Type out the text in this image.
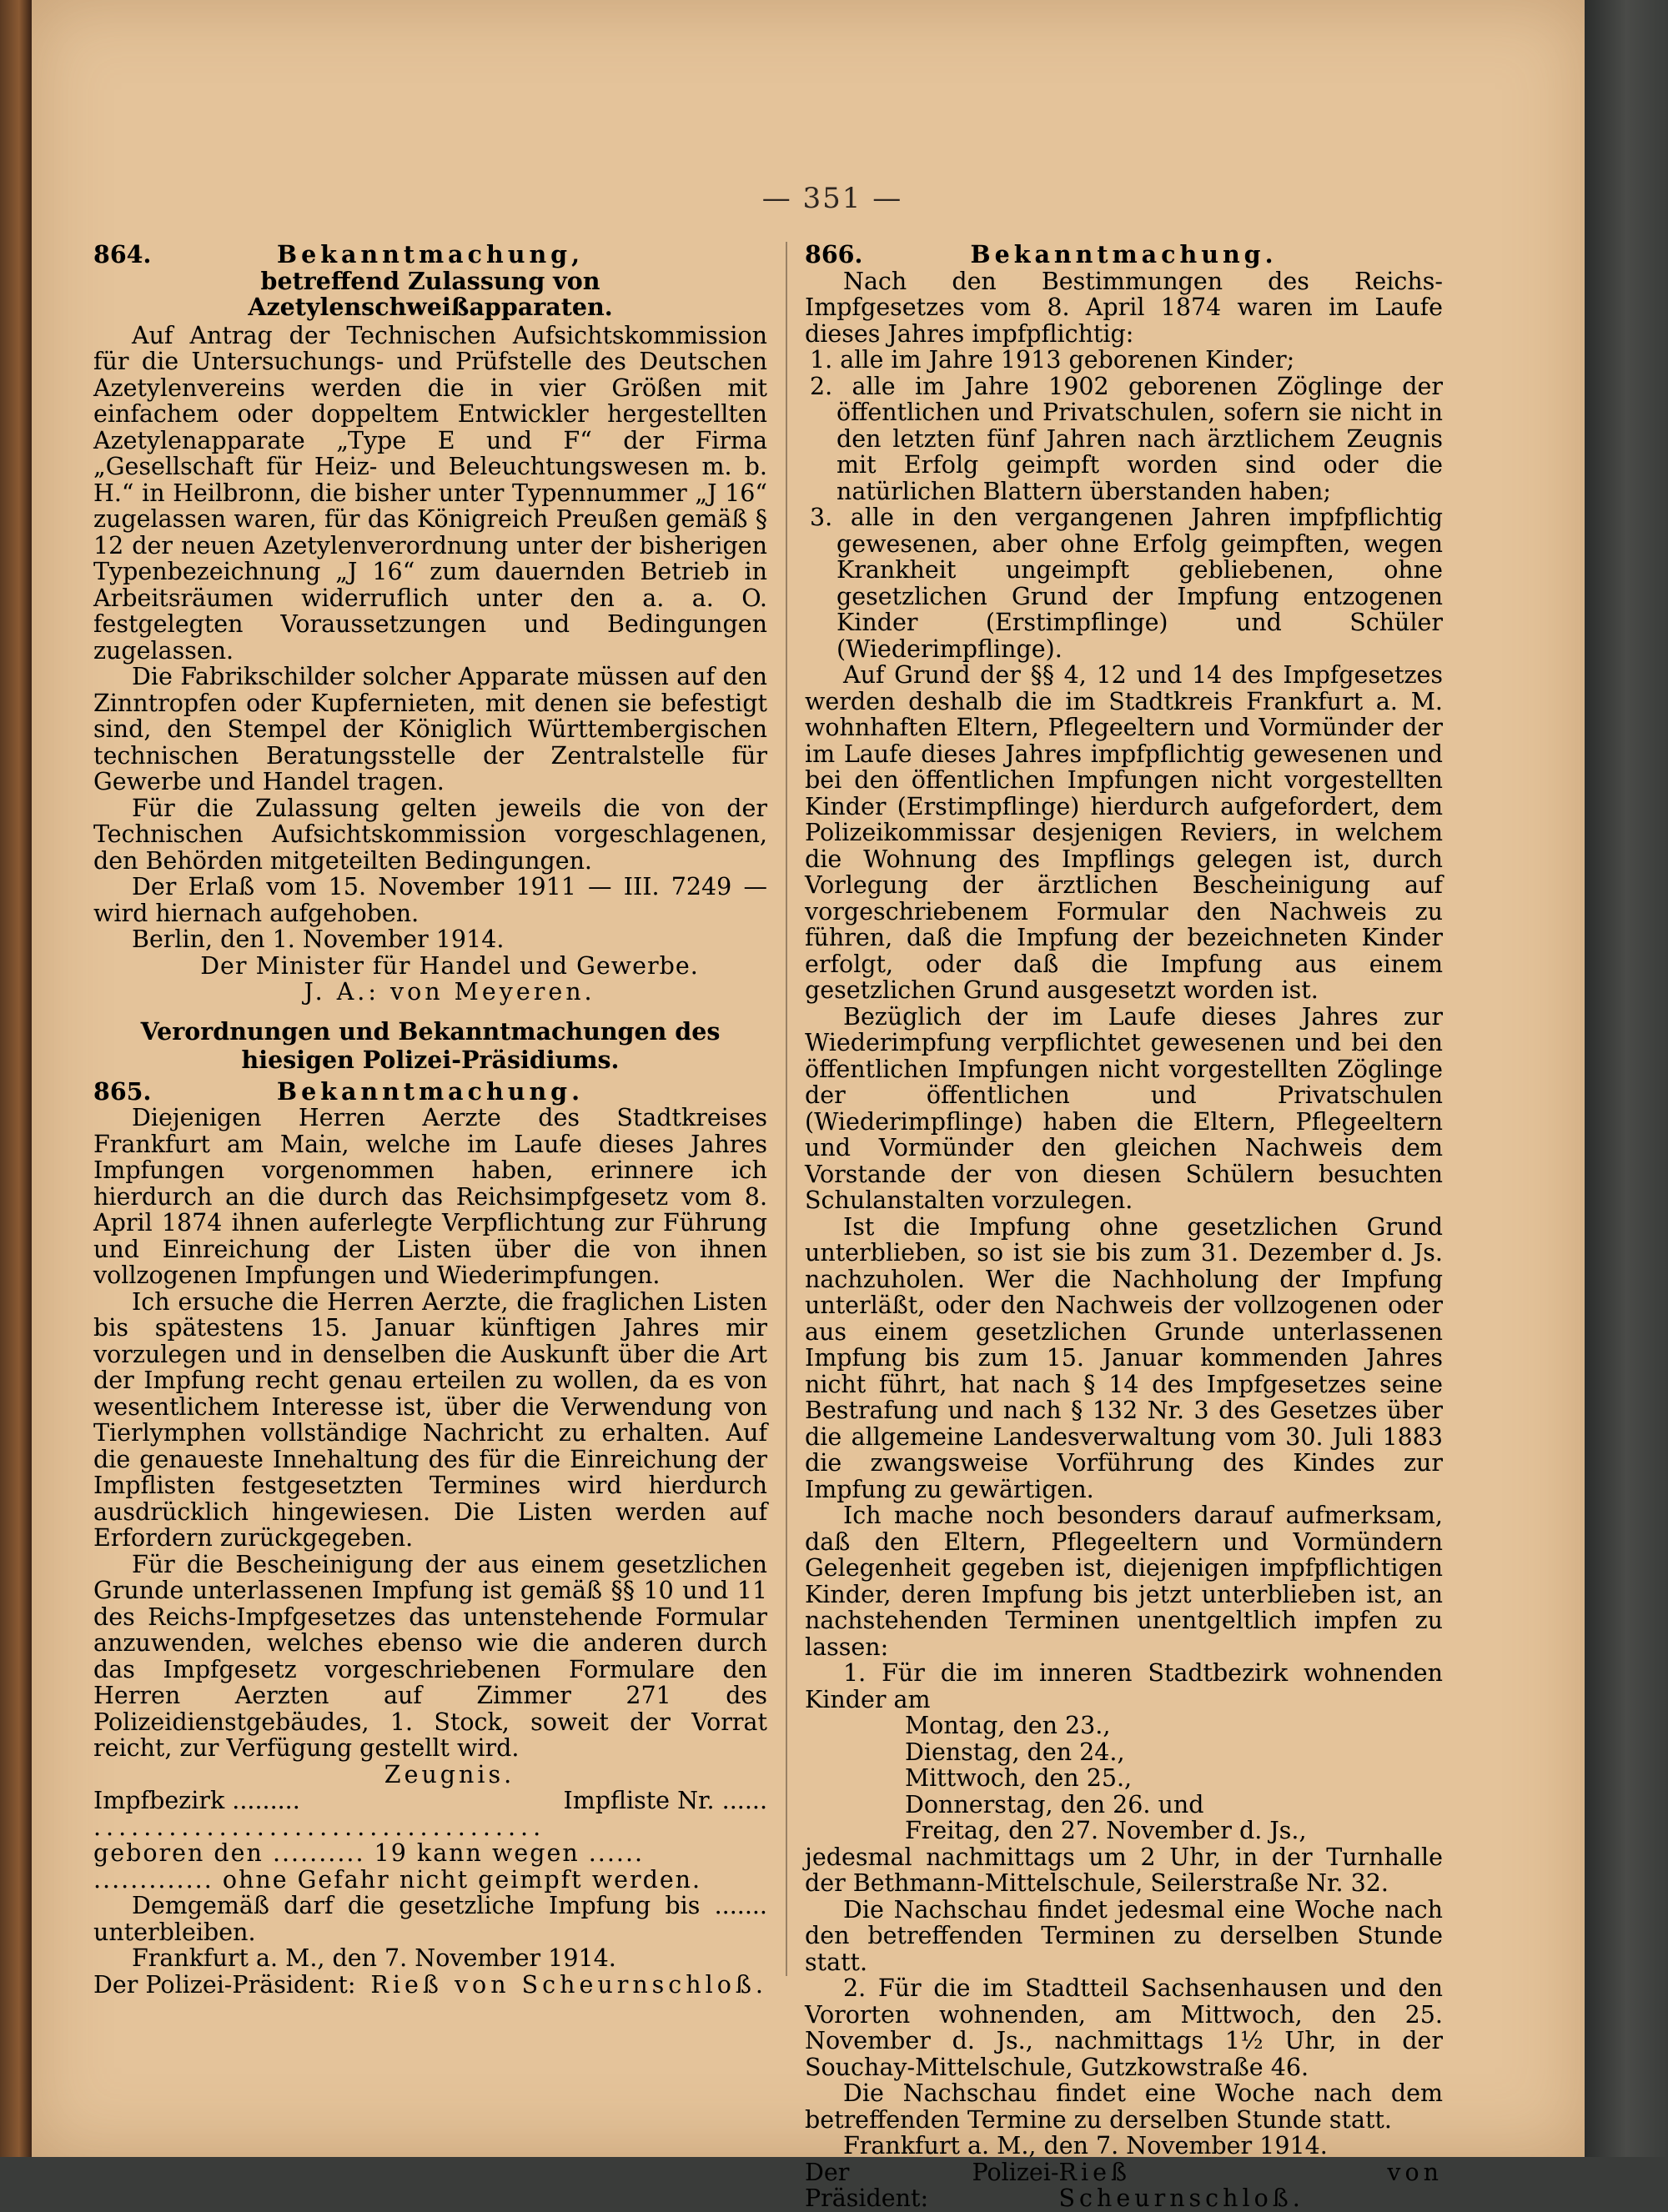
— 351 —
864.	Bekanntmachung,
betreffend Zulassung von Azetylenschweißapparaten.

Auf Antrag der Technischen Aufsichtskommission für die Untersuchungs- und Prüfstelle des Deutschen Azetylenvereins werden die in vier Größen mit einfachem oder doppeltem Entwickler hergestellten Azetylenapparate „Type E und F“ der Firma „Gesellschaft für Heiz- und Beleuchtungswesen m. b. H.“ in Heilbronn, die bisher unter Typennummer „J 16“ zugelassen waren, für das Königreich Preußen gemäß § 12 der neuen Azetylenverordnung unter der bisherigen Typenbezeichnung „J 16“ zum dauernden Betrieb in Arbeitsräumen widerruflich unter den a. a. O. festgelegten Voraussetzungen und Bedingungen zugelassen.

Die Fabrikschilder solcher Apparate müssen auf den Zinntropfen oder Kupfernieten, mit denen sie befestigt sind, den Stempel der Königlich Württembergischen technischen Beratungsstelle der Zentralstelle für Gewerbe und Handel tragen.

Für die Zulassung gelten jeweils die von der Technischen Aufsichtskommission vorgeschlagenen, den Behörden mitgeteilten Bedingungen.

Der Erlaß vom 15. November 1911 — III. 7249 — wird hiernach aufgehoben.

Berlin, den 1. November 1914.

Der Minister für Handel und Gewerbe.

J. A.: von Meyeren.

Verordnungen und Bekanntmachungen des hiesigen Polizei-Präsidiums.
865.	Bekanntmachung.

Diejenigen Herren Aerzte des Stadtkreises Frankfurt am Main, welche im Laufe dieses Jahres Impfungen vorgenommen haben, erinnere ich hierdurch an die durch das Reichsimpfgesetz vom 8. April 1874 ihnen auferlegte Verpflichtung zur Führung und Einreichung der Listen über die von ihnen vollzogenen Impfungen und Wiederimpfungen.

Ich ersuche die Herren Aerzte, die fraglichen Listen bis spätestens 15. Januar künftigen Jahres mir vorzulegen und in denselben die Auskunft über die Art der Impfung recht genau erteilen zu wollen, da es von wesentlichem Interesse ist, über die Verwendung von Tierlymphen vollständige Nachricht zu erhalten. Auf die genaueste Innehaltung des für die Einreichung der Impflisten festgesetzten Termines wird hierdurch ausdrücklich hingewiesen. Die Listen werden auf Erfordern zurückgegeben.

Für die Bescheinigung der aus einem gesetzlichen Grunde unterlassenen Impfung ist gemäß §§ 10 und 11 des Reichs-Impfgesetzes das untenstehende Formular anzuwenden, welches ebenso wie die anderen durch das Impfgesetz vorgeschriebenen Formulare den Herren Aerzten auf Zimmer 271 des Polizeidienstgebäudes, 1. Stock, soweit der Vorrat reicht, zur Verfügung gestellt wird.

Zeugnis.

Impfbezirk .........	Impfliste Nr. ......
....................................
geboren den .......... 19 kann wegen ......
............. ohne Gefahr nicht geimpft werden.

Demgemäß darf die gesetzliche Impfung bis ....... unterbleiben.

Frankfurt a. M., den 7. November 1914.

Der Polizei-Präsident: Rieß von Scheurnschloß.
866.	Bekanntmachung.

Nach den Bestimmungen des Reichs-Impfgesetzes vom 8. April 1874 waren im Laufe dieses Jahres impfpflichtig:

1. alle im Jahre 1913 geborenen Kinder;
2. alle im Jahre 1902 geborenen Zöglinge der öffentlichen und Privatschulen, sofern sie nicht in den letzten fünf Jahren nach ärztlichem Zeugnis mit Erfolg geimpft worden sind oder die natürlichen Blattern überstanden haben;
3. alle in den vergangenen Jahren impfpflichtig gewesenen, aber ohne Erfolg geimpften, wegen Krankheit ungeimpft gebliebenen, ohne gesetzlichen Grund der Impfung entzogenen Kinder (Erstimpflinge) und Schüler (Wiederimpflinge).

Auf Grund der §§ 4, 12 und 14 des Impfgesetzes werden deshalb die im Stadtkreis Frankfurt a. M. wohnhaften Eltern, Pflegeeltern und Vormünder der im Laufe dieses Jahres impfpflichtig gewesenen und bei den öffentlichen Impfungen nicht vorgestellten Kinder (Erstimpflinge) hierdurch aufgefordert, dem Polizeikommissar desjenigen Reviers, in welchem die Wohnung des Impflings gelegen ist, durch Vorlegung der ärztlichen Bescheinigung auf vorgeschriebenem Formular den Nachweis zu führen, daß die Impfung der bezeichneten Kinder erfolgt, oder daß die Impfung aus einem gesetzlichen Grund ausgesetzt worden ist.

Bezüglich der im Laufe dieses Jahres zur Wiederimpfung verpflichtet gewesenen und bei den öffentlichen Impfungen nicht vorgestellten Zöglinge der öffentlichen und Privatschulen (Wiederimpflinge) haben die Eltern, Pflegeeltern und Vormünder den gleichen Nachweis dem Vorstande der von diesen Schülern besuchten Schulanstalten vorzulegen.

Ist die Impfung ohne gesetzlichen Grund unterblieben, so ist sie bis zum 31. Dezember d. Js. nachzuholen. Wer die Nachholung der Impfung unterläßt, oder den Nachweis der vollzogenen oder aus einem gesetzlichen Grunde unterlassenen Impfung bis zum 15. Januar kommenden Jahres nicht führt, hat nach § 14 des Impfgesetzes seine Bestrafung und nach § 132 Nr. 3 des Gesetzes über die allgemeine Landesverwaltung vom 30. Juli 1883 die zwangsweise Vorführung des Kindes zur Impfung zu gewärtigen.

Ich mache noch besonders darauf aufmerksam, daß den Eltern, Pflegeeltern und Vormündern Gelegenheit gegeben ist, diejenigen impfpflichtigen Kinder, deren Impfung bis jetzt unterblieben ist, an nachstehenden Terminen unentgeltlich impfen zu lassen:

1. Für die im inneren Stadtbezirk wohnenden Kinder am

Montag, den 23.,
Dienstag, den 24.,
Mittwoch, den 25.,
Donnerstag, den 26. und
Freitag, den 27. November d. Js.,

jedesmal nachmittags um 2 Uhr, in der Turnhalle der Bethmann-Mittelschule, Seilerstraße Nr. 32.

Die Nachschau findet jedesmal eine Woche nach den betreffenden Terminen zu derselben Stunde statt.

2. Für die im Stadtteil Sachsenhausen und den Vororten wohnenden, am Mittwoch, den 25. November d. Js., nachmittags 1½ Uhr, in der Souchay-Mittelschule, Gutzkowstraße 46.

Die Nachschau findet eine Woche nach dem betreffenden Termine zu derselben Stunde statt.

Frankfurt a. M., den 7. November 1914.

Der Polizei-Präsident:
Rieß von Scheurnschloß.
